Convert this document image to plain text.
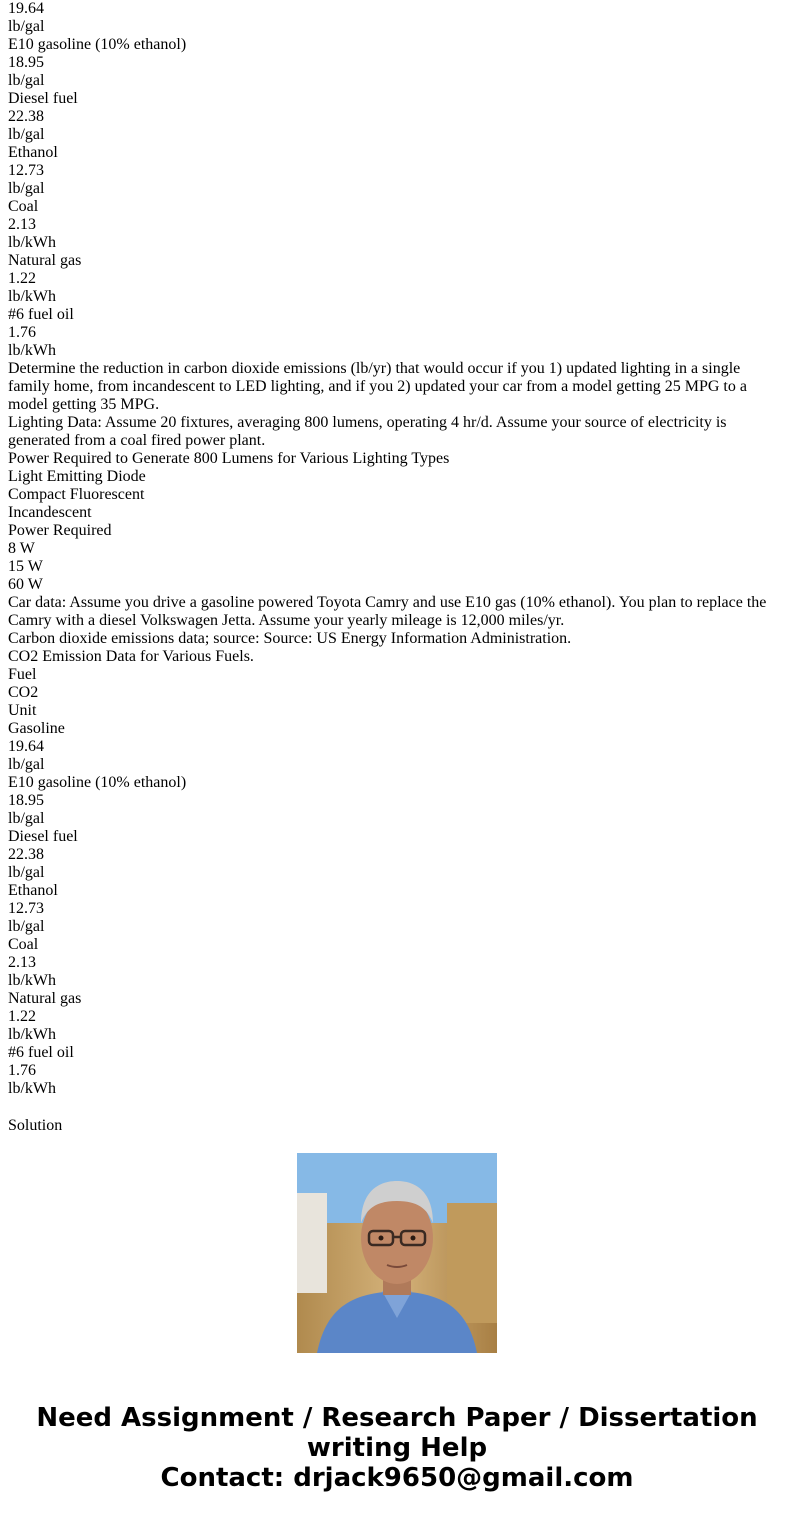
19.64
lb/gal
E10 gasoline (10% ethanol)
18.95
lb/gal
Diesel fuel
22.38
lb/gal
Ethanol
12.73
lb/gal
Coal
2.13
lb/kWh
Natural gas
1.22
lb/kWh
#6 fuel oil
1.76
lb/kWh
Determine the reduction in carbon dioxide emissions (lb/yr) that would occur if you 1) updated lighting in a single family home, from incandescent to LED lighting, and if you 2) updated your car from a model getting 25 MPG to a model getting 35 MPG.
Lighting Data: Assume 20 fixtures, averaging 800 lumens, operating 4 hr/d. Assume your source of electricity is generated from a coal fired power plant.
Power Required to Generate 800 Lumens for Various Lighting Types
Light Emitting Diode
Compact Fluorescent
Incandescent
Power Required
8 W
15 W
60 W
Car data: Assume you drive a gasoline powered Toyota Camry and use E10 gas (10% ethanol). You plan to replace the Camry with a diesel Volkswagen Jetta. Assume your yearly mileage is 12,000 miles/yr.
Carbon dioxide emissions data; source: Source: US Energy Information Administration.
CO2 Emission Data for Various Fuels.
Fuel
CO2
Unit
Gasoline
19.64
lb/gal
E10 gasoline (10% ethanol)
18.95
lb/gal
Diesel fuel
22.38
lb/gal
Ethanol
12.73
lb/gal
Coal
2.13
lb/kWh
Natural gas
1.22
lb/kWh
#6 fuel oil
1.76
lb/kWh
Solution
Need Assignment / Research Paper / Dissertation
writing Help
Contact: drjack9650@gmail.com
